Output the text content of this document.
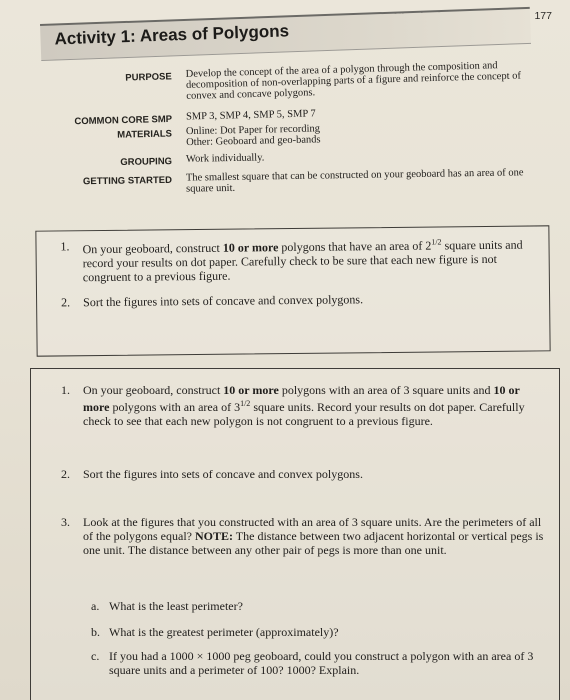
177
Activity 1: Areas of Polygons
PURPOSE	Develop the concept of the area of a polygon through the composition and decomposition of non-overlapping parts of a figure and reinforce the concept of convex and concave polygons.
COMMON CORE SMP	SMP 3, SMP 4, SMP 5, SMP 7
MATERIALS	Online: Dot Paper for recording Other: Geoboard and geo-bands
GROUPING	Work individually.
GETTING STARTED	The smallest square that can be constructed on your geoboard has an area of one square unit.
1. On your geoboard, construct 10 or more polygons that have an area of $2^{1/2}$ square units and record your results on dot paper. Carefully check to be sure that each new figure is not congruent to a previous figure.
2. Sort the figures into sets of concave and convex polygons.
1. On your geoboard, construct 10 or more polygons with an area of 3 square units and 10 or more polygons with an area of $3^{1/2}$ square units. Record your results on dot paper. Carefully check to see that each new polygon is not congruent to a previous figure.
2. Sort the figures into sets of concave and convex polygons.
3. Look at the figures that you constructed with an area of 3 square units. Are the perimeters of all of the polygons equal? NOTE: The distance between two adjacent horizontal or vertical pegs is one unit. The distance between any other pair of pegs is more than one unit.
a. What is the least perimeter?
b. What is the greatest perimeter (approximately)?
c. If you had a 1000 × 1000 peg geoboard, could you construct a polygon with an area of 3 square units and a perimeter of 100? 1000? Explain.
